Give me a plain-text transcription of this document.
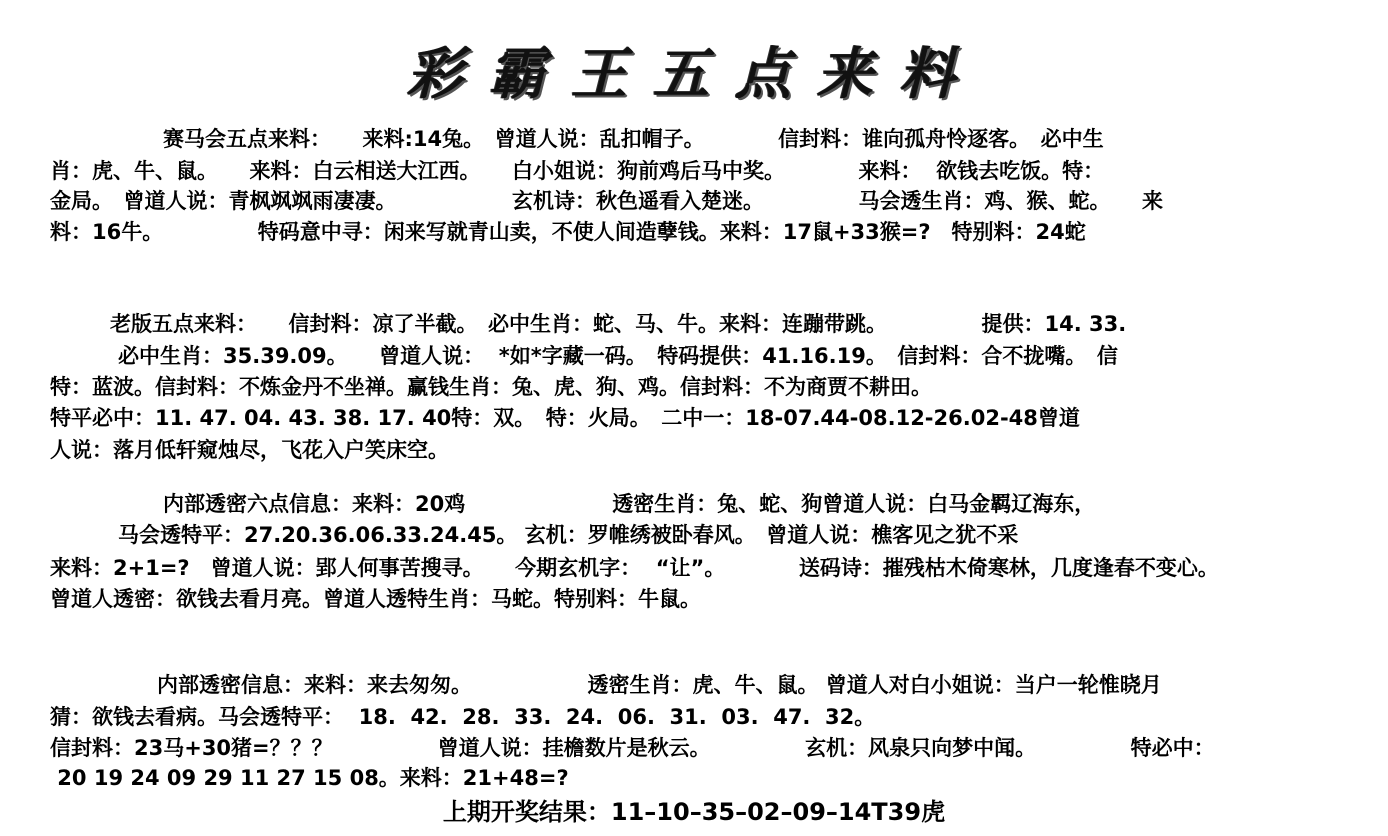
彩霸王五点来料
赛马会五点来料：　　来料:14兔。　曾道人说：乱扣帽子。　　　　信封料：谁向孤舟怜逐客。　必中生
肖：虎、牛、鼠。　　来料：白云相送大江西。　　白小姐说：狗前鸡后马中奖。　　　　来料：  欲钱去吃饭。特：
金局。　曾道人说：青枫飒飒雨凄凄。　　　　　　玄机诗：秋色遥看入楚迷。　　　　　马会透生肖：鸡、猴、蛇。　　来
料：16牛。　　　　　特码意中寻：闲来写就青山卖，不使人间造孽钱。来料：17鼠+33猴=?　特别料：24蛇
老版五点来料：　　信封料：凉了半截。　必中生肖：蛇、马、牛。来料：连蹦带跳。　　　　　提供：14. 33.
必中生肖：35.39.09。　　曾道人说：  *如*字藏一码。　特码提供：41.16.19。　信封料：合不拢嘴。　信
特：蓝波。信封料：不炼金丹不坐禅。赢钱生肖：兔、虎、狗、鸡。信封料：不为商贾不耕田。
特平必中：11. 47. 04. 43. 38. 17. 40特：双。　特：火局。　二中一：18-07.44-08.12-26.02-48曾道
人说：落月低轩窥烛尽，飞花入户笑床空。
内部透密六点信息：来料：20鸡　　　　　　　透密生肖：兔、蛇、狗曾道人说：白马金羁辽海东，
马会透特平：27.20.36.06.33.24.45。 玄机：罗帷绣被卧春风。　曾道人说：樵客见之犹不采
来料：2+1=?　曾道人说：郢人何事苦搜寻。　　今期玄机字：  “让”。　　　　送码诗：摧残枯木倚寒林，几度逢春不变心。
曾道人透密：欲钱去看月亮。曾道人透特生肖：马蛇。特别料：牛鼠。
内部透密信息：来料：来去匆匆。　　　　　　透密生肖：虎、牛、鼠。 曾道人对白小姐说：当户一轮惟晓月
猜：欲钱去看病。马会透特平：  18.  42.  28.  33.  24.  06.  31.  03.  47.  32。
信封料：23马+30猪=？？？　　　　　曾道人说：挂檐数片是秋云。　　　　　玄机：风泉只向梦中闻。　　　　　特必中：
20 19 24 09 29 11 27 15 08。来料：21+48=?
上期开奖结果：11–10–35–02–09–14T39虎
